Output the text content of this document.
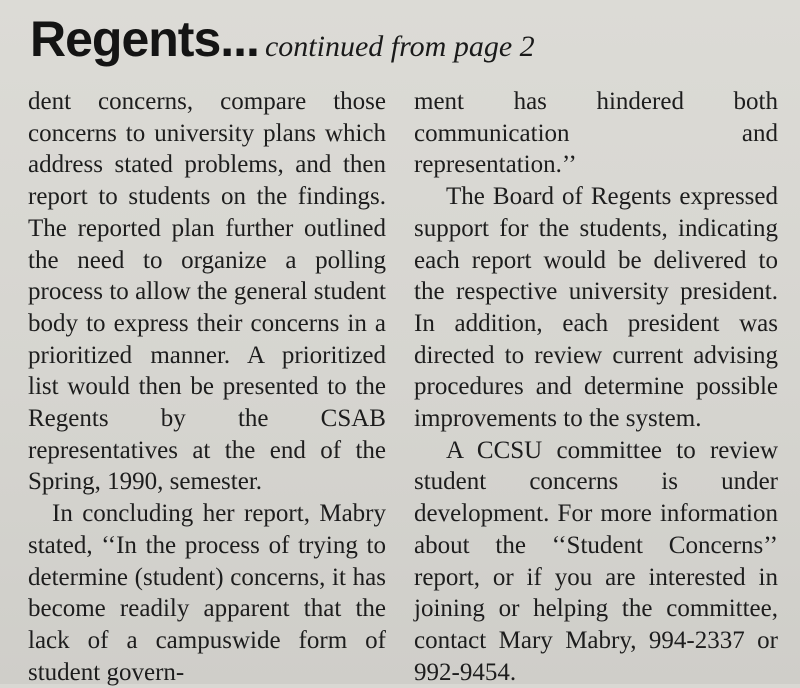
Regents... continued from page 2

dent concerns, compare those concerns to university plans which address stated problems, and then report to students on the findings. The reported plan further outlined the need to organize a polling process to allow the general student body to express their concerns in a prioritized manner. A prioritized list would then be presented to the Regents by the CSAB representatives at the end of the Spring, 1990, semester.

In concluding her report, Mabry stated, ‘‘In the process of trying to determine (student) concerns, it has become readily apparent that the lack of a campuswide form of student govern-

ment has hindered both communication and representation.’’

The Board of Regents expressed support for the students, indicating each report would be delivered to the respective university president. In addition, each president was directed to review current advising procedures and determine possible improvements to the system.

A CCSU committee to review student concerns is under development. For more information about the ‘‘Student Concerns’’ report, or if you are interested in joining or helping the committee, contact Mary Mabry, 994-2337 or 992-9454.
